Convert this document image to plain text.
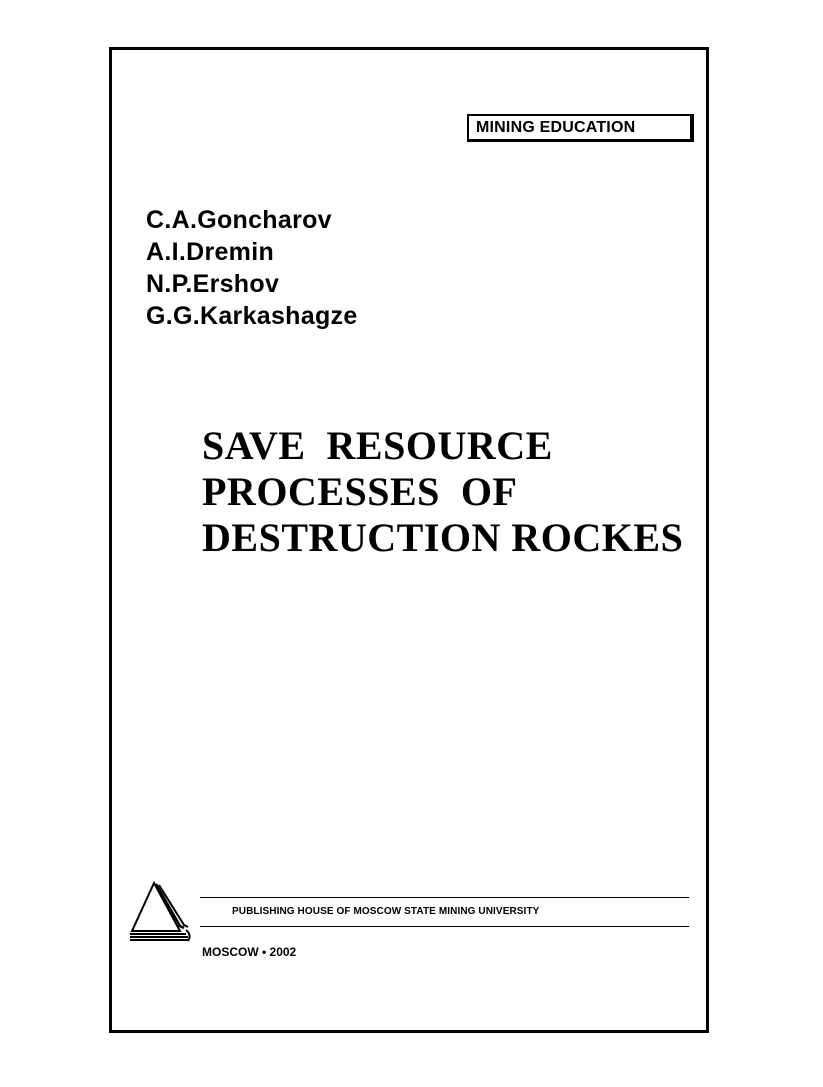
MINING EDUCATION
C.A.Goncharov
A.I.Dremin
N.P.Ershov
G.G.Karkashagze
SAVE  RESOURCE
PROCESSES  OF
DESTRUCTION ROCKES
PUBLISHING HOUSE OF MOSCOW STATE MINING UNIVERSITY
MOSCOW • 2002
